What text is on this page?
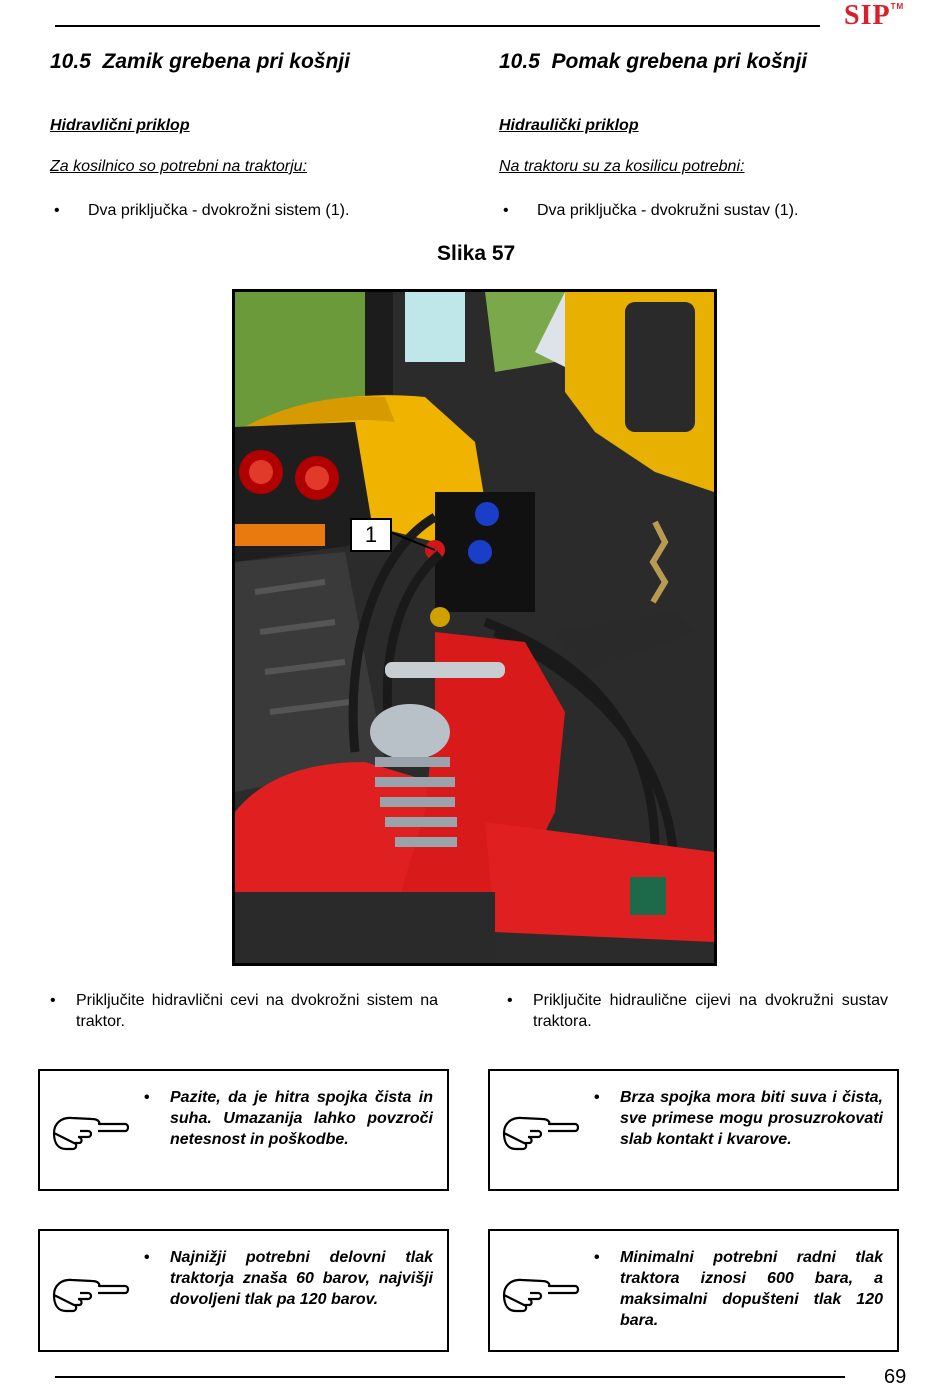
SIP™
10.5 Zamik grebena pri košnji	10.5 Pomak grebena pri košnji
Hidravlični priklop	Hidraulički priklop
Za kosilnico so potrebni na traktorju:	Na traktoru su za kosilicu potrebni:
• Dva priključka - dvokrožni sistem (1).	• Dva priključka - dvokružni sustav (1).
Slika 57
1
• Priključite hidravlični cevi na dvokrožni sistem na traktor.
• Priključite hidraulične cijevi na dvokružni sustav traktora.
• Pazite, da je hitra spojka čista in suha. Umazanija lahko povzroči netesnost in poškodbe.
• Brza spojka mora biti suva i čista, sve primese mogu prosuzrokovati slab kontakt i kvarove.
• Najnižji potrebni delovni tlak traktorja znaša 60 barov, najvišji dovoljeni tlak pa 120 barov.
• Minimalni potrebni radni tlak traktora iznosi 600 bara, a maksimalni dopušteni tlak 120 bara.
69
